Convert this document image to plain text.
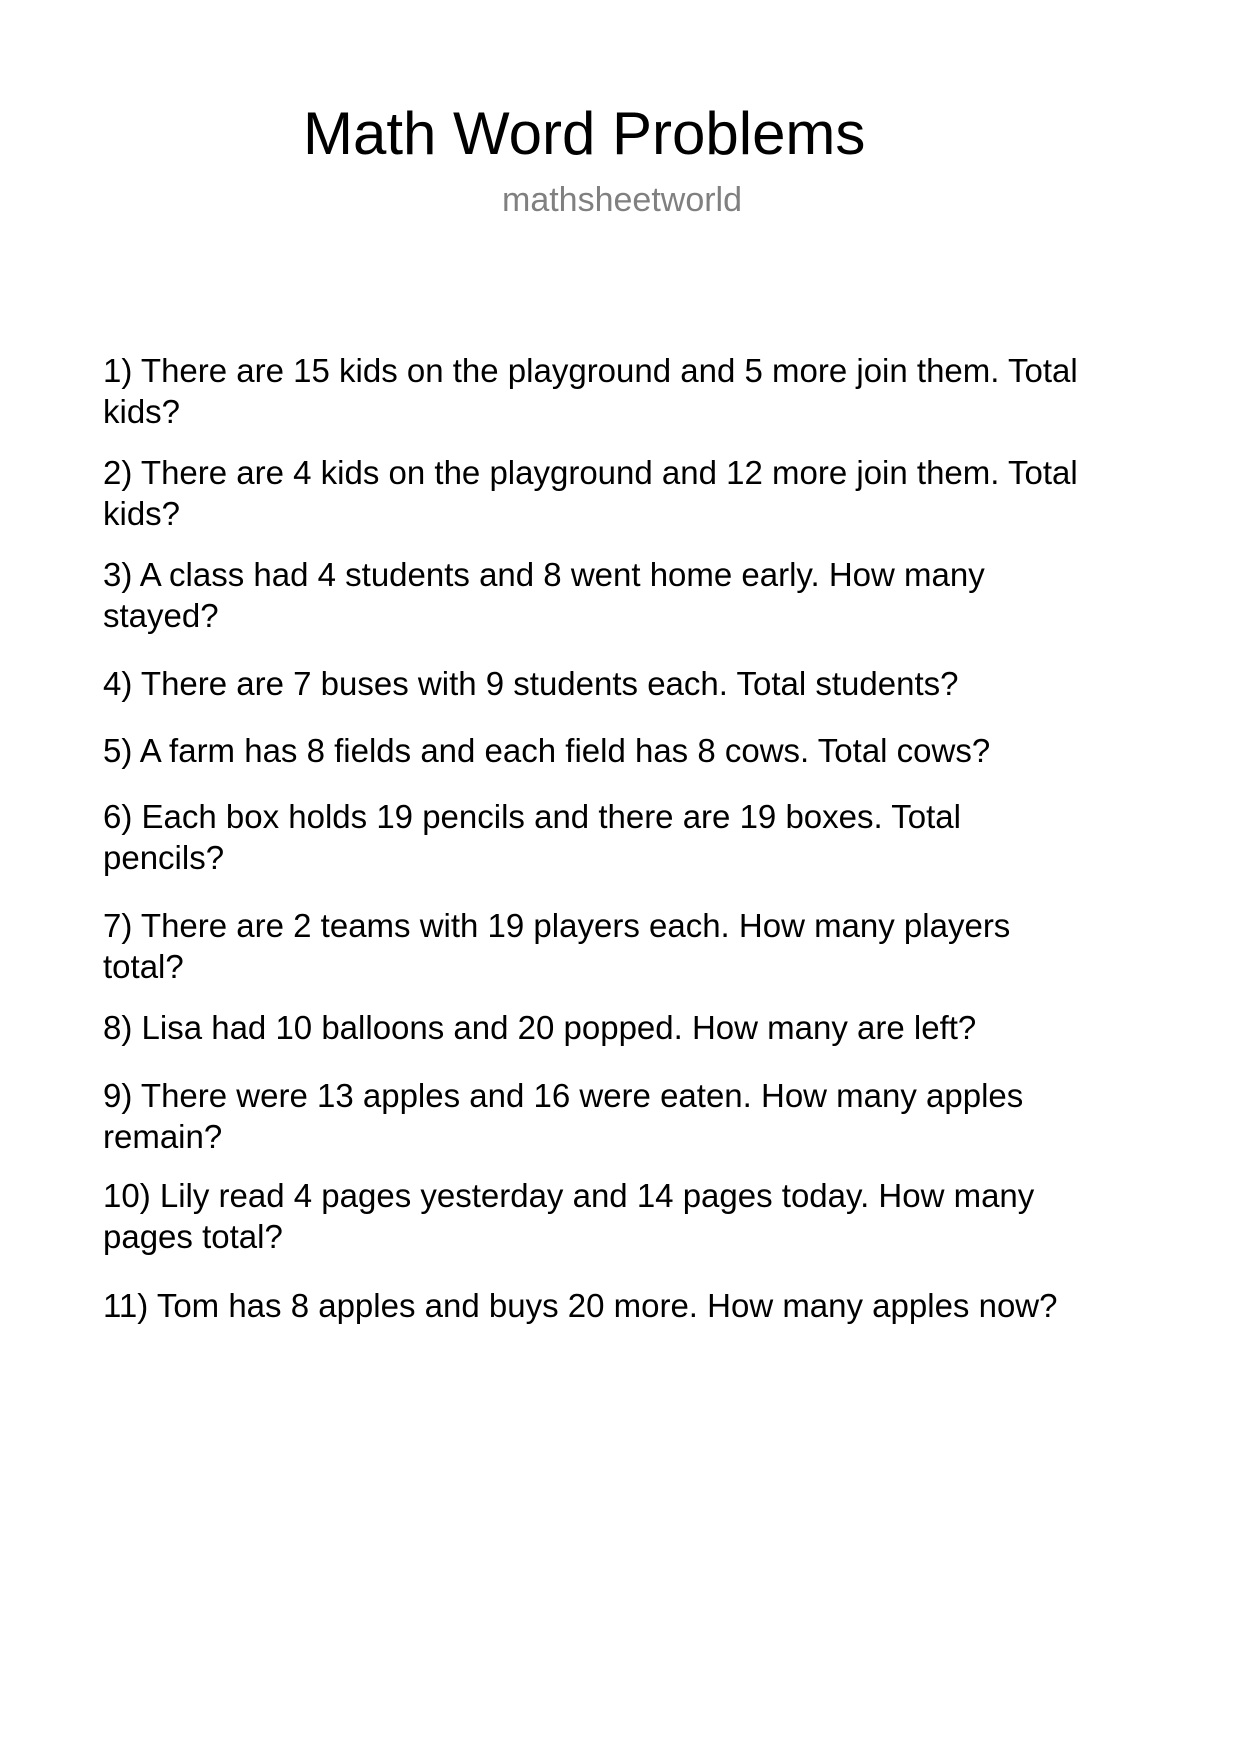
Math Word Problems
mathsheetworld
1) There are 15 kids on the playground and 5 more join them. Total
kids?
2) There are 4 kids on the playground and 12 more join them. Total
kids?
3) A class had 4 students and 8 went home early. How many
stayed?
4) There are 7 buses with 9 students each. Total students?
5) A farm has 8 fields and each field has 8 cows. Total cows?
6) Each box holds 19 pencils and there are 19 boxes. Total
pencils?
7) There are 2 teams with 19 players each. How many players
total?
8) Lisa had 10 balloons and 20 popped. How many are left?
9) There were 13 apples and 16 were eaten. How many apples
remain?
10) Lily read 4 pages yesterday and 14 pages today. How many
pages total?
11) Tom has 8 apples and buys 20 more. How many apples now?
